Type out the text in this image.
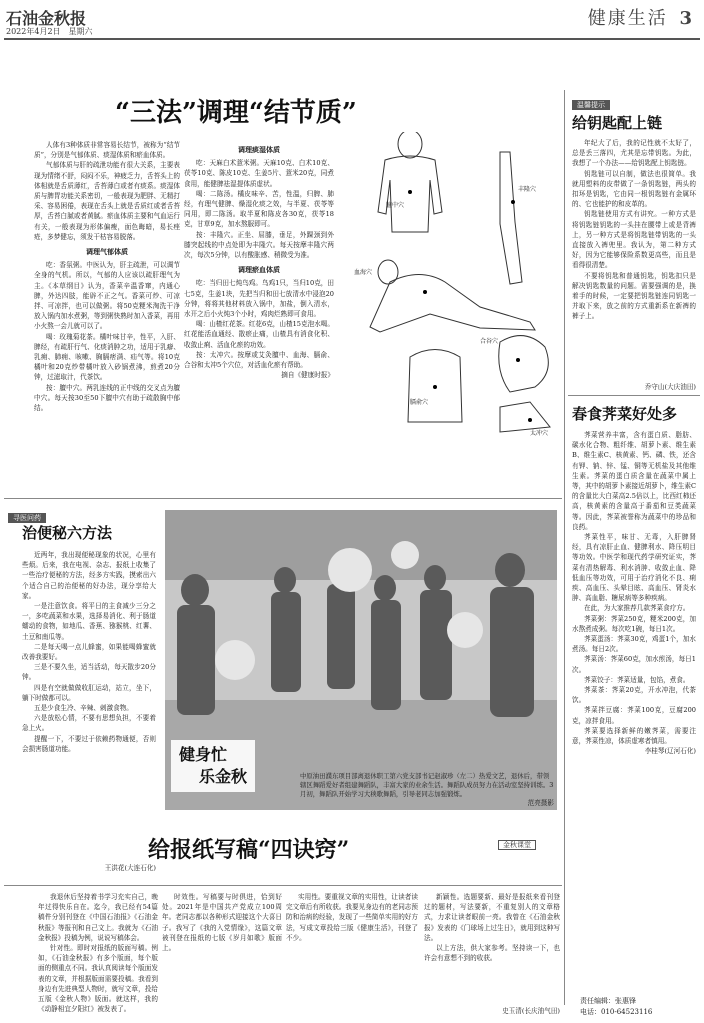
石油金秋报
2022年4月2日　星期六
健康生活 3
“三法”调理“结节质”
丰隆穴
膻中穴
血海穴
合谷穴
膈俞穴
太冲穴

人体有3种体质非常容易长结节，被称为“结节质”，分别是气郁体质、痰湿体质和瘀血体质。

气郁体质与肝的疏泄功能有很大关系，主要表现为情绪不舒，闷闷不乐，神疲乏力，舌苔头上的体相就是舌质薄红，舌苔薄白或者有痰系。痰湿体质与脾胃功能关系密切，一般表现为肥胖、无精打采、容易困倦，表现在舌头上就是舌质红或者舌苔厚，舌苔白腻或者黄腻。瘀血体质主要和气血运行有关，一般表现为形体偏瘦，面色晦暗，易长痤疮，多梦健忘，须发干枯容易脱落。

调理气郁体质

吃：香氛粥。中医认为，肝主疏泄，可以调节全身的气机。所以，气郁的人应该以疏肝理气为主。《本草纲目》认为，香菜辛温香窜，内通心脾，外达四肢，能辟不正之气。香菜可炒、可凉拌、可凉拌，也可以做粥。将50克粳米淘洗干净放入锅内加水煮粥，等到粥快熟时加入香菜，再用小火熬一会儿就可以了。

喝：玫瑰菊花茶。橘叶味甘辛，性平，入肝、脾经，有疏肝行气、化痰消肿之功，适用于乳癖、乳痈、肺痈、咳嗽、胸膈痞满、疝气等。将10克橘叶和20克炒带橘叶放入砂锅煮沸，煎煮20分钟，过滤取汁，代茶饮。

按：膻中穴。两乳连线的正中线的交叉点为膻中穴。每天按30至50下膻中穴有助于疏散胸中郁结。

调理痰湿体质

吃：天麻白术薏米粥。天麻10克、白术10克、茯苓10克、陈皮10克、生姜5片、薏米20克，同煮食用，能健脾祛湿提体质虚状。

喝：二陈汤。橘皮味辛、苦，性温，归脾、肺经，有理气健脾、燥湿化痰之效，与半夏、茯苓等同用，即二陈汤。取半夏和陈皮各30克，茯苓18克，甘草9克，加水熬服即可。

按：丰隆穴。正坐、屈膝，垂足，外踝颈到外膝突起线的中点处即为丰隆穴。每天按摩丰隆穴两次，每次5分钟，以有酸胀感、稍微受为准。

调理瘀血体质

吃：当归田七炖鸟鸡。鸟鸡1只，当归10克，田七5克，生姜1块，先把当归和田七放清水中浸泡20分钟，将将其他材料放入锅中，加盐，倒入清水，水开之后小火炖3个小时，鸡肉烂熟即可食用。

喝：山楂红花茶。红花6克，山楂15克泡水喝。红花能活血通经、散瘀止痛，山楂具有消食化积、收敛止痢、活血化瘀的功效。

按：太冲穴。按摩或艾灸膻中、血海、膈俞、合谷和太冲5个穴位，对活血化瘀有帮助。

摘自《健康时报》
温馨提示
给钥匙配上链

年纪大了后，我的记性就不太好了，总是丢三落四，尤其是忘带钥匙。为此，我想了一个办法——给钥匙配上钥匙链。

钥匙链可以自制，做法也很简单。我就用塑料的皮带做了一条钥匙链，两头的扣环是钥匙，它由同一根钥匙链有金属环的、它也能护的和皮革的。

钥匙链使用方式有讲究。一种方式是将钥匙链钥匙的一头挂在腰带上或是背裤上，另一种方式是将钥匙链带钥匙的一头直接放入裤兜里。我认为，第二种方式好，因为它能够保险系数更高些，而且是看得很清楚。

不要将钥匙和普通钥匙，钥匙扣只是解决钥匙数量的问题。需要强调的是，换着手的时候，一定要把钥匙链连同钥匙一并取下来，放之前的方式重新系在新裤的裤子上。

乔守山(大庆油田)
春食荠菜好处多

荠菜营养丰富，含有蛋白质、脂肪、碳水化合物、粗纤维、胡萝卜素、维生素B、维生素C、核黄素、钙、磷、铁，还含有钾、钠、锌、锰、铜等无机盐及其他维生素。荠菜的蛋白质含量在蔬菜中属上等，其中的胡萝卜素接近胡萝卜，维生素C的含量比大白菜高2.5倍以上，比西红柿还高，核黄素的含量高于番茄和豆类蔬菜等。因此，荠菜被誉称为蔬菜中的珍品和良药。

荠菜性平，味甘、无毒，入肝脾肾经，具有凉肝止血、健脾利水、降压明目等功效。中医学和现代药学研究证实，荠菜有清热解毒、利水消肿、收敛止血、降低血压等功效，可用于治疗消化不良、痢疾、高血压、头晕目眩、高血压、肾炎水肿、高血脂、糖尿病等多种疾病。

在此，为大家推荐几款荠菜食疗方。

荠菜粥：荠菜250克，粳米200克，加水熬煮成粥。每次吃1碗，每日1次。

荠菜蛋汤：荠菜30克，鸡蛋1个，加水煮汤。每日2次。

荠菜汤：荠菜60克，加水煎汤，每日1次。

荠菜饺子：荠菜适量，包馅，煮食。

荠菜茶：荠菜20克，开水冲泡，代茶饮。

荠菜拌豆腐：荠菜100克，豆腐200克，凉拌食用。

荠菜要选择新鲜的嫩荠菜，需要注意，荠菜性凉，体质虚寒者慎用。

李桂琴(辽河石化)
寻医问药
治便秘六方法

近两年，我出现便秘现象的状况，心里有些烦。后来，我在电视、杂志、报纸上收集了一些治疗便秘的方法，经多方实践，摸索出六个适合自己的治便秘的好办法，现分享给大家。

一是注意饮食。将平日的主食减少三分之一，多吃蔬菜和水果，选择易消化、利于肠道蠕动的食物，如地瓜、香蕉、猕猴桃、红薯、土豆和南瓜等。

二是每天喝一点儿蜂蜜，如果能喝蜂蜜就改善我要好。

三是不要久坐，适当活动，每天散步20分钟。

四是有空就做做收肛运动，站立，坐下，躺下时做都可以。

五是少食生冷、辛辣、刺激食物。

六是放松心情，不要有思想负担，不要着急上火。

提醒一下，不要过于依赖药物通便，否则会损害肠道功能。

王洪花(大连石化)
健身忙
乐金秋	中原油田濮东项目部离退休职工第六党支部书记赵淑珍（左二）热爱文艺，退休后，带领辖区舞蹈爱好者组建舞蹈队，丰富大家的业余生活。舞蹈队成员努力在活动室坚持训练。3月初，舞蹈队开始学习大秧歌舞蹈，引导老同志加强锻炼。
范亮摄影
给报纸写稿“四诀窍”	金秋课堂

我退休后坚持着书学习充实自己，晚年过得快乐自在。迄今，我已经有54篇稿件分别刊登在《中国石油报》《石油金秋报》等报刊和自己文上。我就为《石油金秋报》投稿为例，说说写稿体会。

针对性。即时对报纸的版面写稿。例如，《石油金秋报》有多个版面，每个版面的侧重点不同。我认真阅读每个版面发表的文章，并根据版面需要投稿。我看到身边有先进典型人物时，就写文章，投给五版《金秋人物》版面。就这样，我的《动静相宜夕阳红》被发表了。

时效性。写稿要与时俱进，恰到好处。2021年是中国共产党成立100周年。老同志都以各种形式迎接这个大喜日子。我写了《我的入党情缘》，这篇文章被刊登在报纸的七版《岁月如歌》版面上。

实用性。要重视文章的实用性，让读者读完文章后有所收获。我要见身边有的老同志预防和治病的经验，发现了一些简单实用的好方法，写成文章投给三版《健康生活》，刊登了不少。

新颖性。选题要新、最好是报纸来看刊登过的题材，写法要新，不重复别人的文章格式，力求让读者眼前一亮。我曾在《石油金秋报》发表的《门球场上过生日》，就用到这种写法。

以上方法，供大家参考。坚持读一下，也许会有意想不到的收获。

史玉清(长庆油气田)
责任编辑：张惠锋
电话：010-64523116
